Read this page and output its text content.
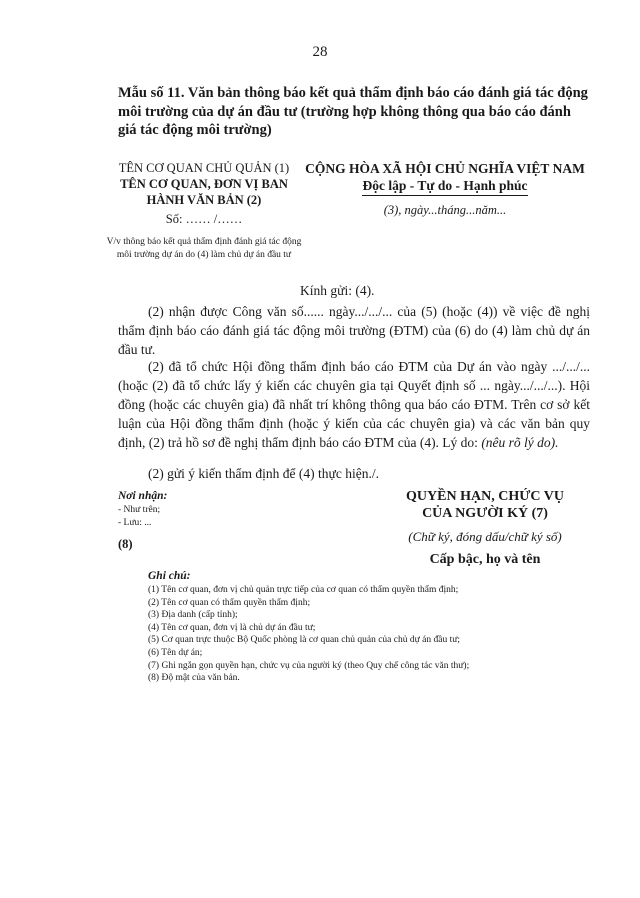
28
Mẫu số 11. Văn bản thông báo kết quả thẩm định báo cáo đánh giá tác động môi trường của dự án đầu tư (trường hợp không thông qua báo cáo đánh giá tác động môi trường)
TÊN CƠ QUAN CHỦ QUẢN (1)
TÊN CƠ QUAN, ĐƠN VỊ BAN
HÀNH VĂN BẢN (2)
Số: …… /……
V/v thông báo kết quả thẩm định đánh giá tác động môi trường dự án do (4) làm chủ dự án đầu tư
CỘNG HÒA XÃ HỘI CHỦ NGHĨA VIỆT NAM
Độc lập - Tự do - Hạnh phúc
(3), ngày...tháng...năm...
Kính gửi: (4).

(2) nhận được Công văn số...... ngày.../.../... của (5) (hoặc (4)) về việc đề nghị thẩm định báo cáo đánh giá tác động môi trường (ĐTM) của (6) do (4) làm chủ dự án đầu tư.

(2) đã tổ chức Hội đồng thẩm định báo cáo ĐTM của Dự án vào ngày .../.../... (hoặc (2) đã tổ chức lấy ý kiến các chuyên gia tại Quyết định số ... ngày.../.../...). Hội đồng (hoặc các chuyên gia) đã nhất trí không thông qua báo cáo ĐTM. Trên cơ sở kết luận của Hội đồng thẩm định (hoặc ý kiến của các chuyên gia) và các văn bản quy định, (2) trả hồ sơ đề nghị thẩm định báo cáo ĐTM của (4). Lý do: (nêu rõ lý do).

(2) gửi ý kiến thẩm định để (4) thực hiện./.

Nơi nhận:
- Như trên;
- Lưu: ...
(8)
QUYỀN HẠN, CHỨC VỤ
CỦA NGƯỜI KÝ (7)
(Chữ ký, đóng dấu/chữ ký số)
Cấp bậc, họ và tên
Ghi chú:
(1) Tên cơ quan, đơn vị chủ quản trực tiếp của cơ quan có thẩm quyền thẩm định;
(2) Tên cơ quan có thẩm quyền thẩm định;
(3) Địa danh (cấp tỉnh);
(4) Tên cơ quan, đơn vị là chủ dự án đầu tư;
(5) Cơ quan trực thuộc Bộ Quốc phòng là cơ quan chủ quản của chủ dự án đầu tư;
(6) Tên dự án;
(7) Ghi ngắn gọn quyền hạn, chức vụ của người ký (theo Quy chế công tác văn thư);
(8) Độ mật của văn bản.
